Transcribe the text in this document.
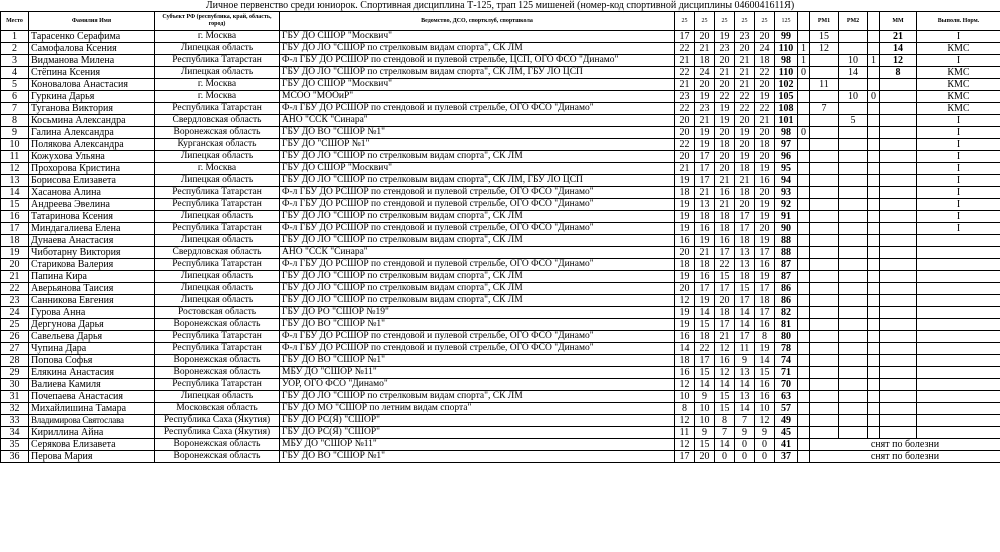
Личное первенство среди юниорок. Спортивная дисциплина Т-125, трап 125 мишеней (номер-код спортивной дисциплины 0460041611Я)
Место	Фамилия Имя	Субъект РФ (республика, край, область, город)	Ведомство, ДСО, спортклуб, спортшкола	25	25	25	25	25	125		РМ1	РМ2		ММ	Выполн. Норм.
1	Тарасенко Серафима	г. Москва	ГБУ ДО СШОР "Москвич"	17	20	19	23	20	99		15			21	I
2	Самофалова Ксения	Липецкая область	ГБУ ДО ЛО "СШОР по стрелковым видам спорта", СК ЛМ	22	21	23	20	24	110	1	12			14	КМС
3	Видманова Милена	Республика Татарстан	Ф-л ГБУ ДО РСШОР по стендовой и пулевой стрельбе, ЦСП, ОГО ФСО "Динамо"	21	18	20	21	18	98	1		10	1	12	I
4	Стёпина Ксения	Липецкая область	ГБУ ДО ЛО "СШОР по стрелковым видам спорта", СК ЛМ, ГБУ ЛО ЦСП	22	24	21	21	22	110	0		14		8	КМС
5	Коновалова Анастасия	г. Москва	ГБУ ДО СШОР "Москвич"	21	20	20	21	20	102		11				КМС
6	Гуркина Дарья	г. Москва	МСОО "МООиР"	23	19	22	22	19	105			10	0		КМС
7	Туганова Виктория	Республика Татарстан	Ф-л ГБУ ДО РСШОР по стендовой и пулевой стрельбе, ОГО ФСО "Динамо"	22	23	19	22	22	108		7				КМС
8	Косьмина Александра	Свердловская область	АНО "ССК "Синара"	20	21	19	20	21	101			5			I
9	Галина Александра	Воронежская область	ГБУ ДО ВО "СШОР №1"	20	19	20	19	20	98	0					I
10	Полякова Александра	Курганская область	ГБУ ДО "СШОР №1"	22	19	18	20	18	97						I
11	Кожухова Ульяна	Липецкая область	ГБУ ДО ЛО "СШОР по стрелковым видам спорта", СК ЛМ	20	17	20	19	20	96						I
12	Прохорова Кристина	г. Москва	ГБУ ДО СШОР "Москвич"	21	17	20	18	19	95						I
13	Борисова Елизавета	Липецкая область	ГБУ ДО ЛО "СШОР по стрелковым видам спорта", СК ЛМ, ГБУ ЛО ЦСП	19	17	21	21	16	94						I
14	Хасанова Алина	Республика Татарстан	Ф-л ГБУ ДО РСШОР по стендовой и пулевой стрельбе, ОГО ФСО "Динамо"	18	21	16	18	20	93						I
15	Андреева Эвелина	Республика Татарстан	Ф-л ГБУ ДО РСШОР по стендовой и пулевой стрельбе, ОГО ФСО "Динамо"	19	13	21	20	19	92						I
16	Татаринова Ксения	Липецкая область	ГБУ ДО ЛО "СШОР по стрелковым видам спорта", СК ЛМ	19	18	18	17	19	91						I
17	Миндагалиева Елена	Республика Татарстан	Ф-л ГБУ ДО РСШОР по стендовой и пулевой стрельбе, ОГО ФСО "Динамо"	19	16	18	17	20	90						I
18	Дунаева Анастасия	Липецкая область	ГБУ ДО ЛО "СШОР по стрелковым видам спорта", СК ЛМ	16	19	16	18	19	88						
19	Чиботарну Виктория	Свердловская область	АНО "ССК "Синара"	20	21	17	13	17	88						
20	Старикова Валерия	Республика Татарстан	Ф-л ГБУ ДО РСШОР по стендовой и пулевой стрельбе, ОГО ФСО "Динамо"	18	18	22	13	16	87						
21	Папина Кира	Липецкая область	ГБУ ДО ЛО "СШОР по стрелковым видам спорта", СК ЛМ	19	16	15	18	19	87						
22	Аверьянова Таисия	Липецкая область	ГБУ ДО ЛО "СШОР по стрелковым видам спорта", СК ЛМ	20	17	17	15	17	86						
23	Санникова Евгения	Липецкая область	ГБУ ДО ЛО "СШОР по стрелковым видам спорта", СК ЛМ	12	19	20	17	18	86						
24	Гурова Анна	Ростовская область	ГБУ ДО РО "СШОР №19"	19	14	18	14	17	82						
25	Дергунова Дарья	Воронежская область	ГБУ ДО ВО "СШОР №1"	19	15	17	14	16	81						
26	Савельева Дарья	Республика Татарстан	Ф-л ГБУ ДО РСШОР по стендовой и пулевой стрельбе, ОГО ФСО "Динамо"	16	18	21	17	8	80						
27	Чупина Дара	Республика Татарстан	Ф-л ГБУ ДО РСШОР по стендовой и пулевой стрельбе, ОГО ФСО "Динамо"	14	22	12	11	19	78						
28	Попова Софья	Воронежская область	ГБУ ДО ВО "СШОР №1"	18	17	16	9	14	74						
29	Елякина Анастасия	Воронежская область	МБУ ДО "СШОР №11"	16	15	12	13	15	71						
30	Валиева Камиля	Республика Татарстан	УОР, ОГО ФСО "Динамо"	12	14	14	14	16	70						
31	Почепаева Анастасия	Липецкая область	ГБУ ДО ЛО "СШОР по стрелковым видам спорта", СК ЛМ	10	9	15	13	16	63						
32	Михайлишина Тамара	Московская область	ГБУ ДО МО "СШОР по летним видам спорта"	8	10	15	14	10	57						
33	Владимирова Святослава	Республика Саха (Якутия)	ГБУ ДО РС(Я) "СШОР"	12	10	8	7	12	49						
34	Кириллина Айна	Республика Саха (Якутия)	ГБУ ДО РС(Я) "СШОР"	11	9	7	9	9	45						
35	Серякова Елизавета	Воронежская область	МБУ ДО "СШОР №11"	12	15	14	0	0	41		снят по болезни				
36	Перова Мария	Воронежская область	ГБУ ДО ВО "СШОР №1"	17	20	0	0	0	37		снят по болезни				
